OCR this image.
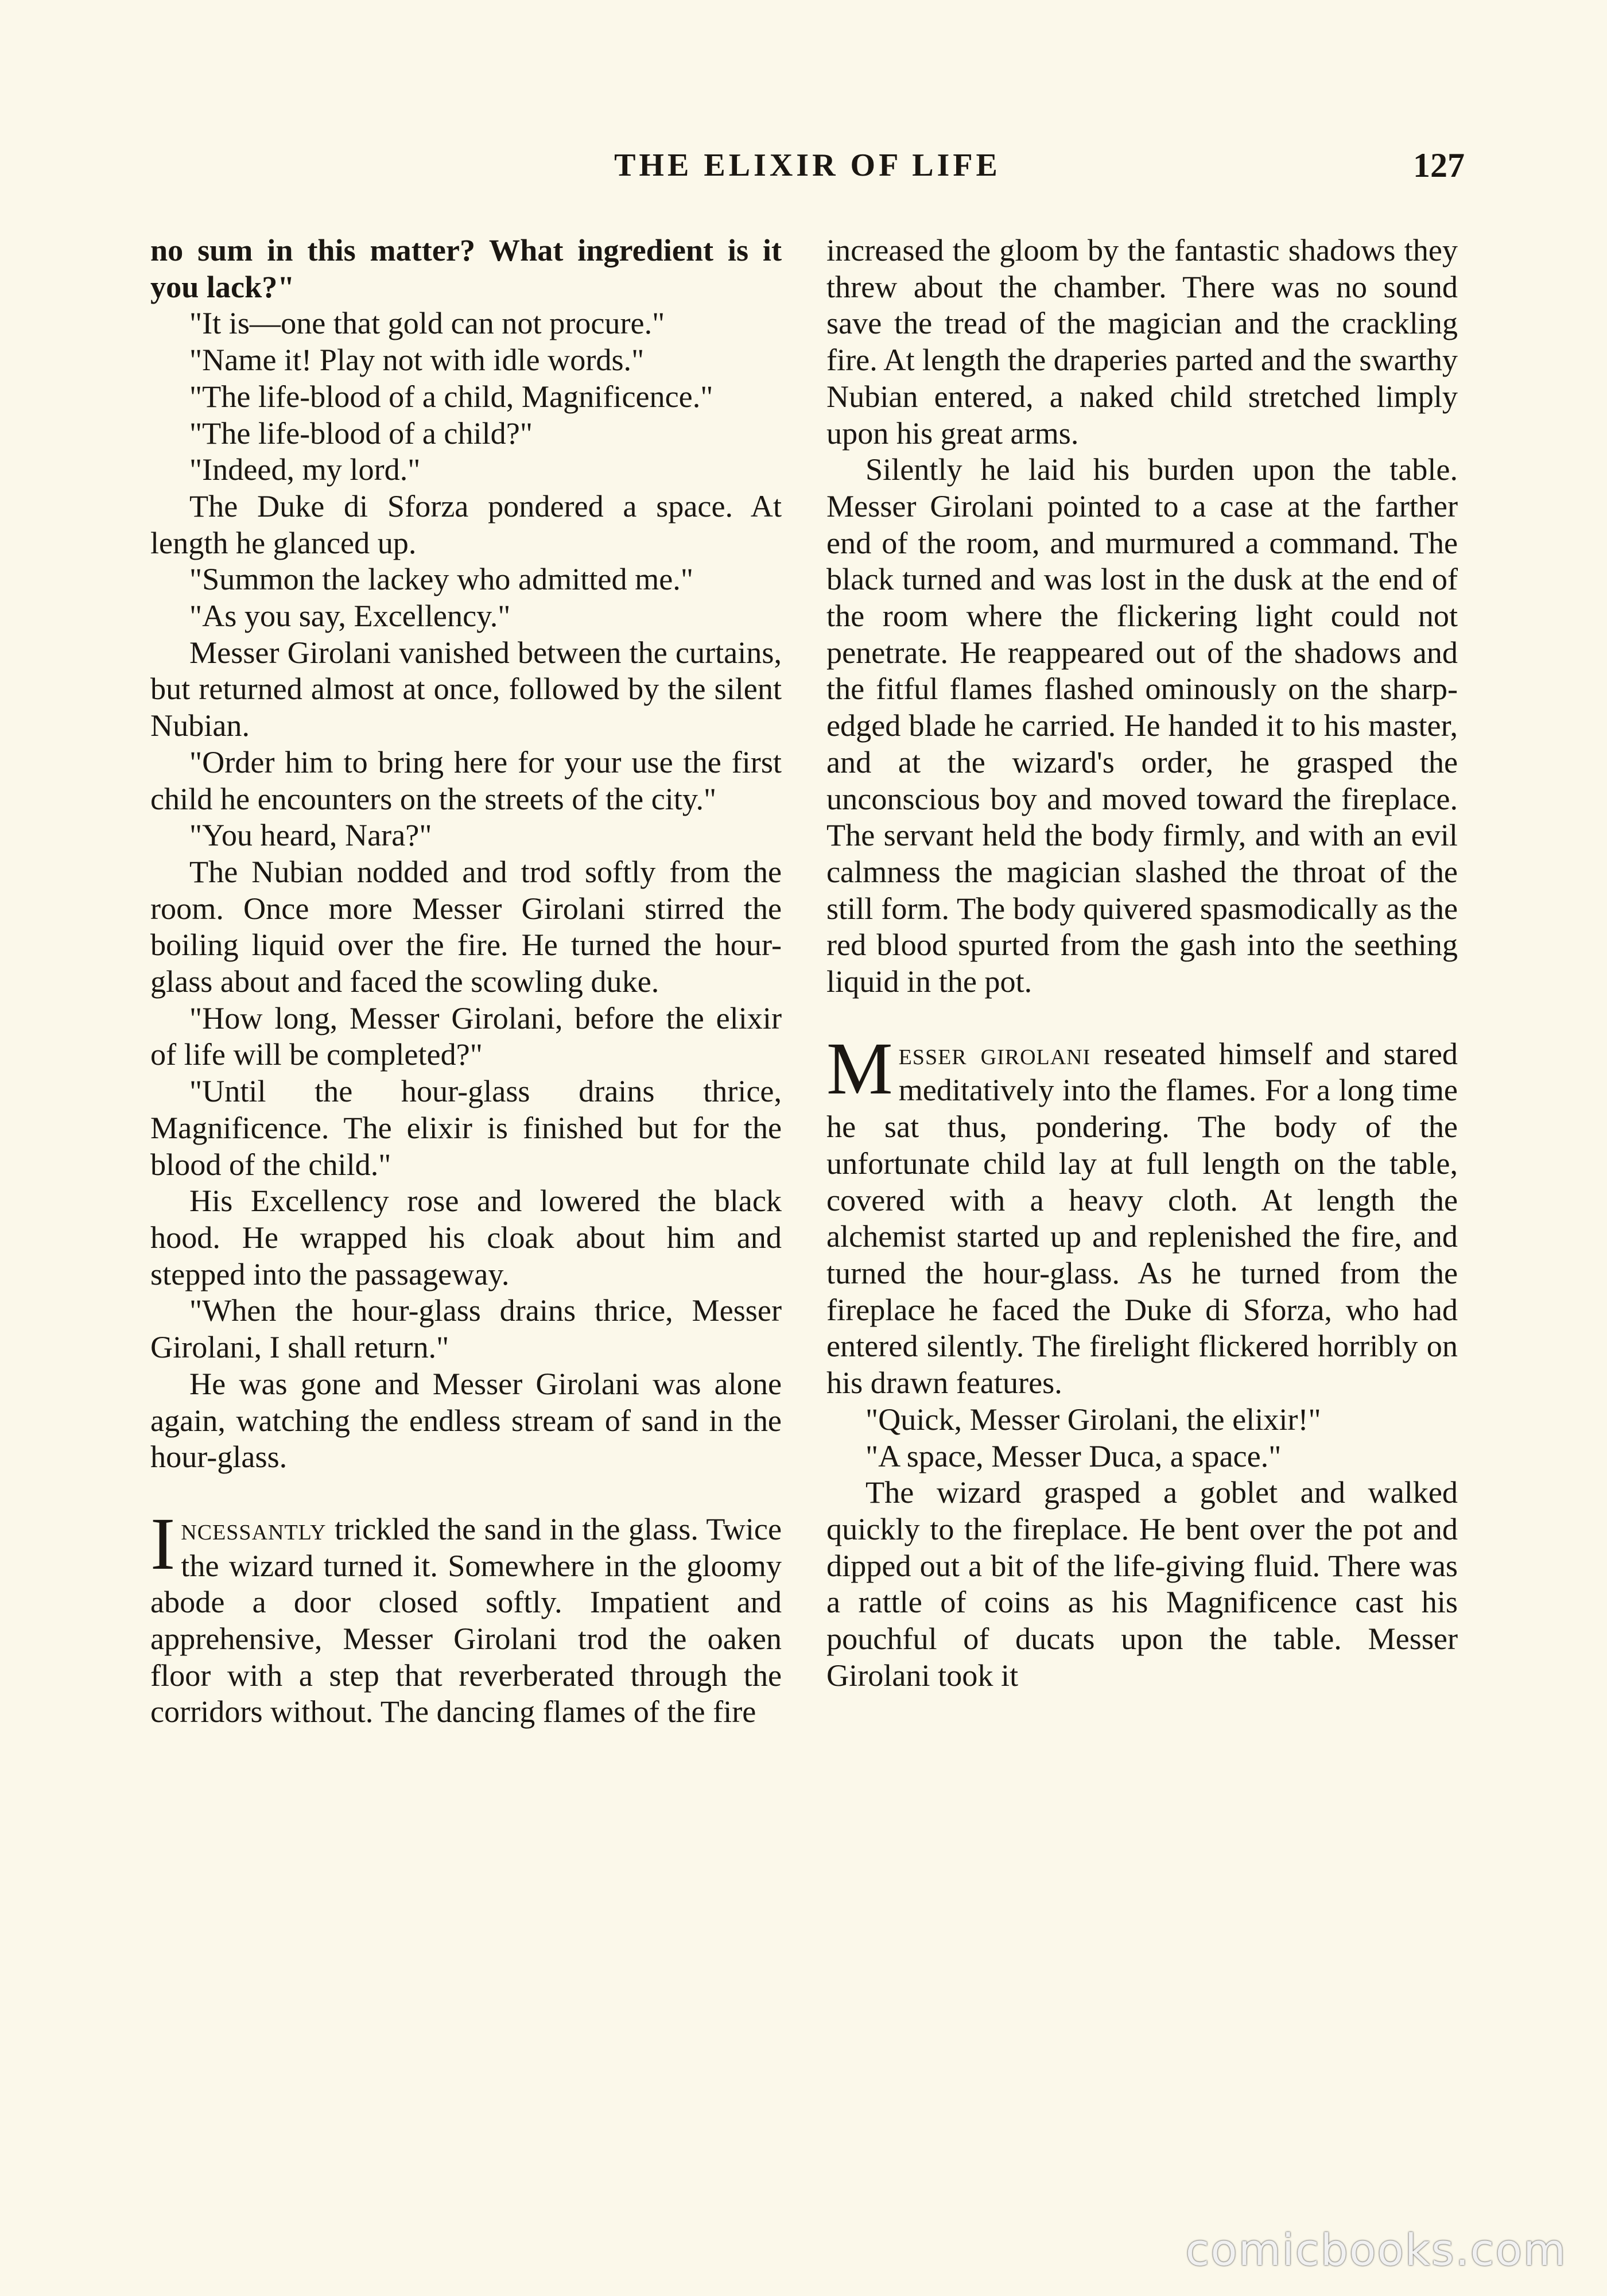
THE ELIXIR OF LIFE	127

no sum in this matter? What ingredient is it you lack?"

"It is—one that gold can not procure."

"Name it! Play not with idle words."

"The life-blood of a child, Magnificence."

"The life-blood of a child?"

"Indeed, my lord."

The Duke di Sforza pondered a space. At length he glanced up.

"Summon the lackey who admitted me."

"As you say, Excellency."

Messer Girolani vanished between the curtains, but returned almost at once, followed by the silent Nubian.

"Order him to bring here for your use the first child he encounters on the streets of the city."

"You heard, Nara?"

The Nubian nodded and trod softly from the room. Once more Messer Girolani stirred the boiling liquid over the fire. He turned the hour-glass about and faced the scowling duke.

"How long, Messer Girolani, before the elixir of life will be completed?"

"Until the hour-glass drains thrice, Magnificence. The elixir is finished but for the blood of the child."

His Excellency rose and lowered the black hood. He wrapped his cloak about him and stepped into the passageway.

"When the hour-glass drains thrice, Messer Girolani, I shall return."

He was gone and Messer Girolani was alone again, watching the endless stream of sand in the hour-glass.

Incessantly trickled the sand in the glass. Twice the wizard turned it. Somewhere in the gloomy abode a door closed softly. Impatient and apprehensive, Messer Girolani trod the oaken floor with a step that reverberated through the corridors without. The dancing flames of the fire

increased the gloom by the fantastic shadows they threw about the chamber. There was no sound save the tread of the magician and the crackling fire. At length the draperies parted and the swarthy Nubian entered, a naked child stretched limply upon his great arms.

Silently he laid his burden upon the table. Messer Girolani pointed to a case at the farther end of the room, and murmured a command. The black turned and was lost in the dusk at the end of the room where the flickering light could not penetrate. He reappeared out of the shadows and the fitful flames flashed ominously on the sharp-edged blade he carried. He handed it to his master, and at the wizard's order, he grasped the unconscious boy and moved toward the fireplace. The servant held the body firmly, and with an evil calmness the magician slashed the throat of the still form. The body quivered spasmodically as the red blood spurted from the gash into the seething liquid in the pot.

Messer girolani reseated himself and stared meditatively into the flames. For a long time he sat thus, pondering. The body of the unfortunate child lay at full length on the table, covered with a heavy cloth. At length the alchemist started up and replenished the fire, and turned the hour-glass. As he turned from the fireplace he faced the Duke di Sforza, who had entered silently. The firelight flickered horribly on his drawn features.

"Quick, Messer Girolani, the elixir!"

"A space, Messer Duca, a space."

The wizard grasped a goblet and walked quickly to the fireplace. He bent over the pot and dipped out a bit of the life-giving fluid. There was a rattle of coins as his Magnificence cast his pouchful of ducats upon the table. Messer Girolani took it

comicbooks.com
